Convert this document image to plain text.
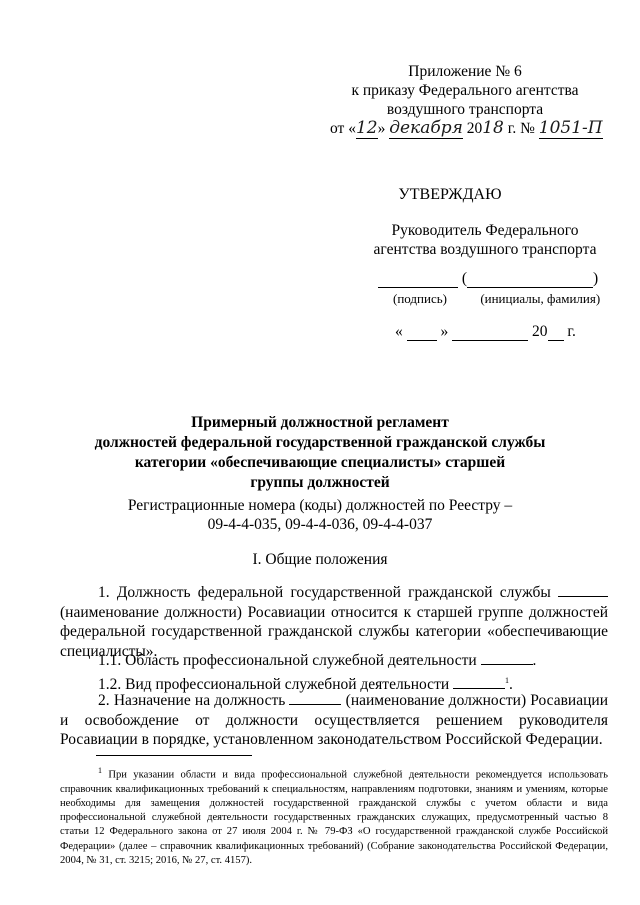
Приложение № 6
к приказу Федерального агентства
воздушного транспорта
от «12» декабря 2018 г. № 1051-П
УТВЕРЖДАЮ
Руководитель Федерального
агентства воздушного транспорта
(	)
(подпись)	(инициалы, фамилия)
« »	20 г.
Примерный должностной регламент
должностей федеральной государственной гражданской службы
категории «обеспечивающие специалисты» старшей
группы должностей
Регистрационные номера (коды) должностей по Реестру –
09-4-4-035, 09-4-4-036, 09-4-4-037
I. Общие положения
1. Должность федеральной государственной гражданской службы  (наименование должности) Росавиации относится к старшей группе должностей федеральной государственной гражданской службы категории «обеспечивающие специалисты».
1.1. Область профессиональной служебной деятельности	.
1.2. Вид профессиональной служебной деятельности	$^1$.
2. Назначение на должность	(наименование должности) Росавиации и освобождение от должности осуществляется решением руководителя Росавиации в порядке, установленном законодательством Российской Федерации.
$^1$ При указании области и вида профессиональной служебной деятельности рекомендуется использовать справочник квалификационных требований к специальностям, направлениям подготовки, знаниям и умениям, которые необходимы для замещения должностей государственной гражданской службы с учетом области и вида профессиональной служебной деятельности государственных гражданских служащих, предусмотренный частью 8 статьи 12 Федерального закона от 27 июля 2004 г. № 79-ФЗ «О государственной гражданской службе Российской Федерации» (далее – справочник квалификационных требований) (Собрание законодательства Российской Федерации, 2004, № 31, ст. 3215; 2016, № 27, ст. 4157).
